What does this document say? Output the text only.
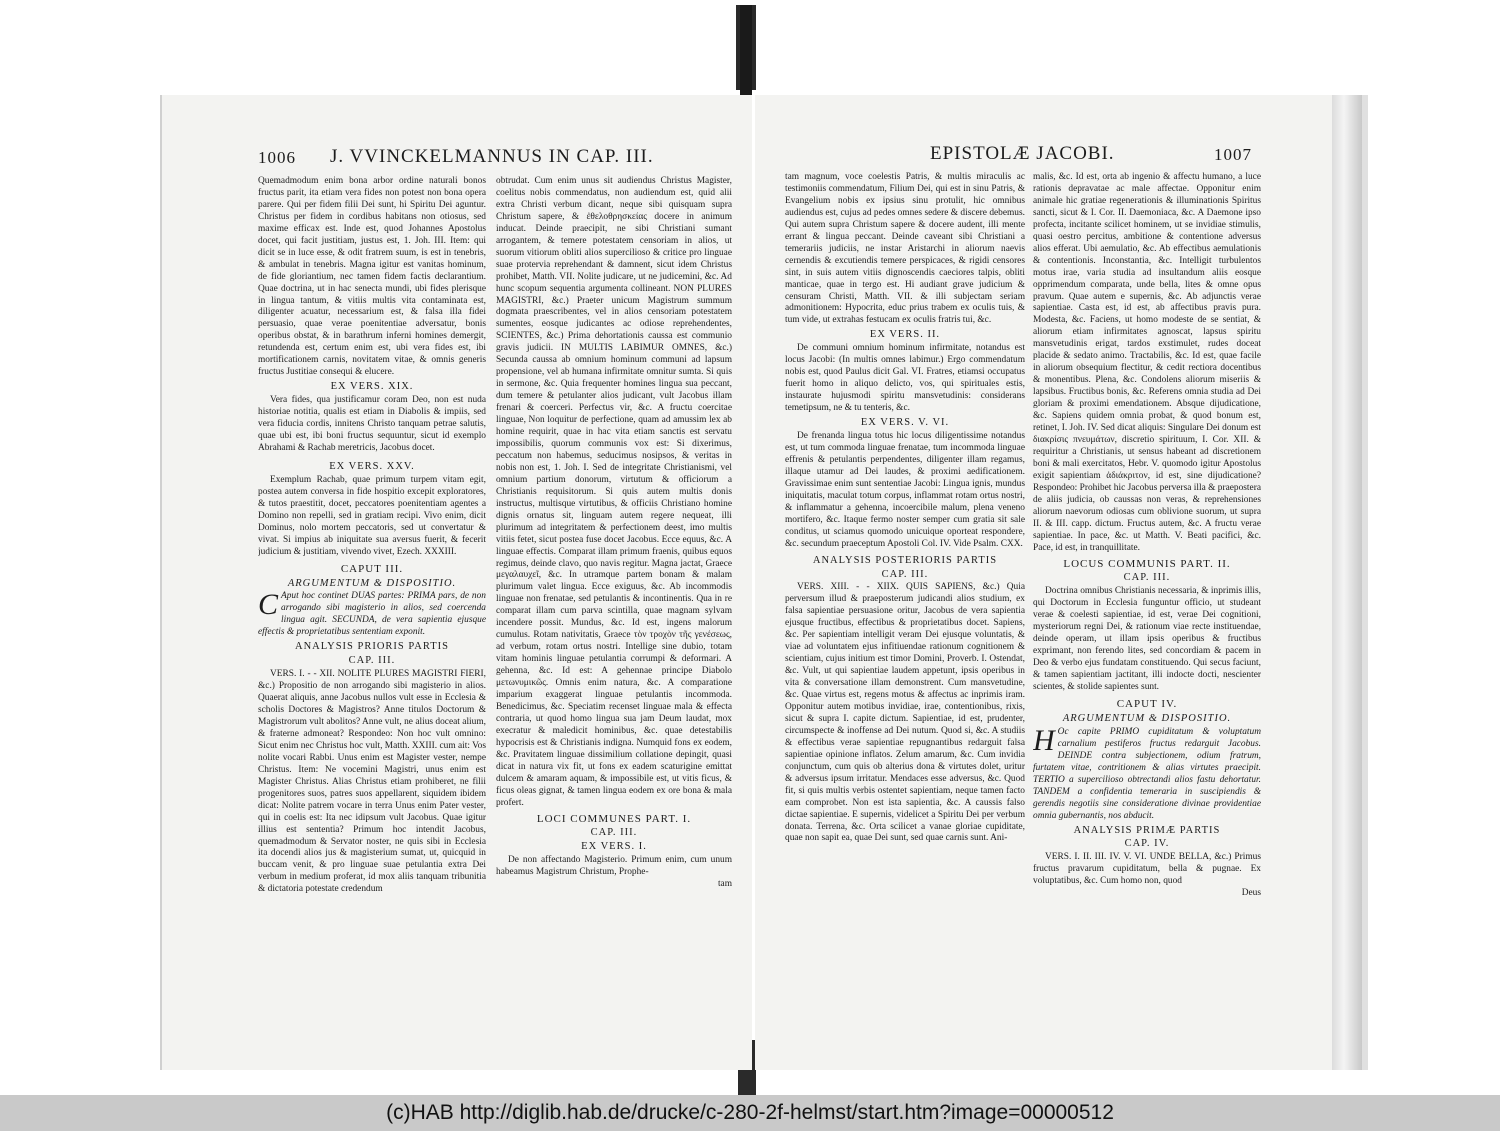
1006 J. VVINCKELMANNUS IN CAP. III.

Quemadmodum enim bona arbor ordine naturali bonos fructus parit, ita etiam vera fides non potest non bona opera parere. Qui per fidem filii Dei sunt, hi Spiritu Dei aguntur. Christus per fidem in cordibus habitans non otiosus, sed maxime efficax est. Inde est, quod Johannes Apostolus docet, qui facit justitiam, justus est, 1. Joh. III. Item: qui dicit se in luce esse, & odit fratrem suum, is est in tenebris, & ambulat in tenebris. Magna igitur est vanitas hominum, de fide gloriantium, nec tamen fidem factis declarantium. Quae doctrina, ut in hac senecta mundi, ubi fides plerisque in lingua tantum, & vitiis multis vita contaminata est, diligenter acuatur, necessarium est, & falsa illa fidei persuasio, quae verae poenitentiae adversatur, bonis operibus obstat, & in barathrum inferni homines demergit, retundenda est, certum enim est, ubi vera fides est, ibi mortificationem carnis, novitatem vitae, & omnis generis fructus Justitiae consequi & elucere.

EX VERS. XIX.

Vera fides, qua justificamur coram Deo, non est nuda historiae notitia, qualis est etiam in Diabolis & impiis, sed vera fiducia cordis, innitens Christo tanquam petrae salutis, quae ubi est, ibi boni fructus sequuntur, sicut id exemplo Abrahami & Rachab meretricis, Jacobus docet.

EX VERS. XXV.

Exemplum Rachab, quae primum turpem vitam egit, postea autem conversa in fide hospitio excepit exploratores, & tutos praestitit, docet, peccatores poenitentiam agentes a Domino non repelli, sed in gratiam recipi. Vivo enim, dicit Dominus, nolo mortem peccatoris, sed ut convertatur & vivat. Si impius ab iniquitate sua aversus fuerit, & fecerit judicium & justitiam, vivendo vivet, Ezech. XXXIII.

CAPUT III.
ARGUMENTUM & DISPOSITIO.

C Aput hoc continet DUAS partes: PRIMA pars, de non arrogando sibi magisterio in alios, sed coercenda lingua agit. SECUNDA, de vera sapientia ejusque effectis & proprietatibus sententiam exponit.

ANALYSIS PRIORIS PARTIS
CAP. III.

VERS. I. - - XII. NOLITE PLURES MAGISTRI FIERI, &c.) Propositio de non arrogando sibi magisterio in alios. Quaerat aliquis, anne Jacobus nullos vult esse in Ecclesia & scholis Doctores & Magistros? Anne titulos Doctorum & Magistrorum vult abolitos? Anne vult, ne alius doceat alium, & fraterne admoneat? Respondeo: Non hoc vult omnino: Sicut enim nec Christus hoc vult, Matth. XXIII. cum ait: Vos nolite vocari Rabbi. Unus enim est Magister vester, nempe Christus. Item: Ne vocemini Magistri, unus enim est Magister Christus. Alias Christus etiam prohiberet, ne filii progenitores suos, patres suos appellarent, siquidem ibidem dicat: Nolite patrem vocare in terra Unus enim Pater vester, qui in coelis est: Ita nec idipsum vult Jacobus. Quae igitur illius est sententia? Primum hoc intendit Jacobus, quemadmodum & Servator noster, ne quis sibi in Ecclesia ita docendi alios jus & magisterium sumat, ut, quicquid in buccam venit, & pro linguae suae petulantia extra Dei verbum in medium proferat, id mox aliis tanquam tribunitia & dictatoria potestate credendum

obtrudat. Cum enim unus sit audiendus Christus Magister, coelitus nobis commendatus, non audiendum est, quid alii extra Christi verbum dicant, neque sibi quisquam supra Christum sapere, & ἐθελοθρησκείας docere in animum inducat. Deinde praecipit, ne sibi Christiani sumant arrogantem, & temere potestatem censoriam in alios, ut suorum vitiorum obliti alios supercilioso & critice pro linguae suae protervia reprehendant & damnent, sicut idem Christus prohibet, Matth. VII. Nolite judicare, ut ne judicemini, &c. Ad hunc scopum sequentia argumenta collineant. NON PLURES MAGISTRI, &c.) Praeter unicum Magistrum summum dogmata praescribentes, vel in alios censoriam potestatem sumentes, eosque judicantes ac odiose reprehendentes, SCIENTES, &c.) Prima dehortationis caussa est communio gravis judicii. IN MULTIS LABIMUR OMNES, &c.) Secunda caussa ab omnium hominum communi ad lapsum propensione, vel ab humana infirmitate omnitur sumta. Si quis in sermone, &c. Quia frequenter homines lingua sua peccant, dum temere & petulanter alios judicant, vult Jacobus illam frenari & coerceri. Perfectus vir, &c. A fructu coercitae linguae, Non loquitur de perfectione, quam ad amussim lex ab homine requirit, quae in hac vita etiam sanctis est servatu impossibilis, quorum communis vox est: Si dixerimus, peccatum non habemus, seducimus nosipsos, & veritas in nobis non est, 1. Joh. I. Sed de integritate Christianismi, vel omnium partium donorum, virtutum & officiorum a Christianis requisitorum. Si quis autem multis donis instructus, multisque virtutibus, & officiis Christiano homine dignis ornatus sit, linguam autem regere nequeat, illi plurimum ad integritatem & perfectionem deest, imo multis vitiis fetet, sicut postea fuse docet Jacobus. Ecce equus, &c. A linguae effectis. Comparat illam primum fraenis, quibus equos regimus, deinde clavo, quo navis regitur. Magna jactat, Graece μεγαλαυχεῖ, &c. In utramque partem bonam & malam plurimum valet lingua. Ecce exiguus, &c. Ab incommodis linguae non frenatae, sed petulantis & incontinentis. Qua in re comparat illam cum parva scintilla, quae magnam sylvam incendere possit. Mundus, &c. Id est, ingens malorum cumulus. Rotam nativitatis, Graece τὸν τροχὸν τῆς γενέσεως, ad verbum, rotam ortus nostri. Intellige sine dubio, totam vitam hominis linguae petulantia corrumpi & deformari. A gehenna, &c. Id est: A gehennae principe Diabolo μετωνυμικῶς. Omnis enim natura, &c. A comparatione imparium exaggerat linguae petulantis incommoda. Benedicimus, &c. Speciatim recenset linguae mala & effecta contraria, ut quod homo lingua sua jam Deum laudat, mox execratur & maledicit hominibus, &c. quae detestabilis hypocrisis est & Christianis indigna. Numquid fons ex eodem, &c. Pravitatem linguae dissimilium collatione depingit, quasi dicat in natura vix fit, ut fons ex eadem scaturigine emittat dulcem & amaram aquam, & impossibile est, ut vitis ficus, & ficus oleas gignat, & tamen lingua eodem ex ore bona & mala profert.

LOCI COMMUNES PART. I.
CAP. III.
EX VERS. I.

De non affectando Magisterio. Primum enim, cum unum habeamus Magistrum Christum, Prophe-

tam
EPISTOLÆ JACOBI.	1007

tam magnum, voce coelestis Patris, & multis miraculis ac testimoniis commendatum, Filium Dei, qui est in sinu Patris, & Evangelium nobis ex ipsius sinu protulit, hic omnibus audiendus est, cujus ad pedes omnes sedere & discere debemus. Qui autem supra Christum sapere & docere audent, illi mente errant & lingua peccant. Deinde caveant sibi Christiani a temerariis judiciis, ne instar Aristarchi in aliorum naevis cernendis & excutiendis temere perspicaces, & rigidi censores sint, in suis autem vitiis dignoscendis caeciores talpis, obliti manticae, quae in tergo est. Hi audiant grave judicium & censuram Christi, Matth. VII. & illi subjectam seriam admonitionem: Hypocrita, educ prius trabem ex oculis tuis, & tum vide, ut extrahas festucam ex oculis fratris tui, &c.

EX VERS. II.

De communi omnium hominum infirmitate, notandus est locus Jacobi: (In multis omnes labimur.) Ergo commendatum nobis est, quod Paulus dicit Gal. VI. Fratres, etiamsi occupatus fuerit homo in aliquo delicto, vos, qui spirituales estis, instaurate hujusmodi spiritu mansvetudinis: considerans temetipsum, ne & tu tenteris, &c.

EX VERS. V. VI.

De frenanda lingua totus hic locus diligentissime notandus est, ut tum commoda linguae frenatae, tum incommoda linguae effrenis & petulantis perpendentes, diligenter illam regamus, illaque utamur ad Dei laudes, & proximi aedificationem. Gravissimae enim sunt sententiae Jacobi: Lingua ignis, mundus iniquitatis, maculat totum corpus, inflammat rotam ortus nostri, & inflammatur a gehenna, incoercibile malum, plena veneno mortifero, &c. Itaque fermo noster semper cum gratia sit sale conditus, ut sciamus quomodo unicuique oporteat respondere, &c. secundum praeceptum Apostoli Col. IV. Vide Psalm. CXX.

ANALYSIS POSTERIORIS PARTIS
CAP. III.

VERS. XIII. - - XIIX. QUIS SAPIENS, &c.) Quia perversum illud & praeposterum judicandi alios studium, ex falsa sapientiae persuasione oritur, Jacobus de vera sapientia ejusque fructibus, effectibus & proprietatibus docet. Sapiens, &c. Per sapientiam intelligit veram Dei ejusque voluntatis, & viae ad voluntatem ejus infitiuendae rationum cognitionem & scientiam, cujus initium est timor Domini, Proverb. I. Ostendat, &c. Vult, ut qui sapientiae laudem appetunt, ipsis operibus in vita & conversatione illam demonstrent. Cum mansvetudine, &c. Quae virtus est, regens motus & affectus ac inprimis iram. Opponitur autem motibus invidiae, irae, contentionibus, rixis, sicut & supra I. capite dictum. Sapientiae, id est, prudenter, circumspecte & inoffense ad Dei nutum. Quod si, &c. A studiis & effectibus verae sapientiae repugnantibus redarguit falsa sapientiae opinione inflatos. Zelum amarum, &c. Cum invidia conjunctum, cum quis ob alterius dona & virtutes dolet, uritur & adversus ipsum irritatur. Mendaces esse adversus, &c. Quod fit, si quis multis verbis ostentet sapientiam, neque tamen facto eam comprobet. Non est ista sapientia, &c. A caussis falso dictae sapientiae. E supernis, videlicet a Spiritu Dei per verbum donata. Terrena, &c. Orta scilicet a vanae gloriae cupiditate, quae non sapit ea, quae Dei sunt, sed quae carnis sunt. Ani-

malis, &c. Id est, orta ab ingenio & affectu humano, a luce rationis depravatae ac male affectae. Opponitur enim animale hic gratiae regenerationis & illuminationis Spiritus sancti, sicut & I. Cor. II. Daemoniaca, &c. A Daemone ipso profecta, incitante scilicet hominem, ut se invidiae stimulis, quasi oestro percitus, ambitione & contentione adversus alios efferat. Ubi aemulatio, &c. Ab effectibus aemulationis & contentionis. Inconstantia, &c. Intelligit turbulentos motus irae, varia studia ad insultandum aliis eosque opprimendum comparata, unde bella, lites & omne opus pravum. Quae autem e supernis, &c. Ab adjunctis verae sapientiae. Casta est, id est, ab affectibus pravis pura. Modesta, &c. Faciens, ut homo modeste de se sentiat, & aliorum etiam infirmitates agnoscat, lapsus spiritu mansvetudinis erigat, tardos exstimulet, rudes doceat placide & sedato animo. Tractabilis, &c. Id est, quae facile in aliorum obsequium flectitur, & cedit rectiora docentibus & monentibus. Plena, &c. Condolens aliorum miseriis & lapsibus. Fructibus bonis, &c. Referens omnia studia ad Dei gloriam & proximi emendationem. Absque dijudicatione, &c. Sapiens quidem omnia probat, & quod bonum est, retinet, I. Joh. IV. Sed dicat aliquis: Singulare Dei donum est διακρίσις πνευμάτων, discretio spirituum, I. Cor. XII. & requiritur a Christianis, ut sensus habeant ad discretionem boni & mali exercitatos, Hebr. V. quomodo igitur Apostolus exigit sapientiam ἀδιάκριτον, id est, sine dijudicatione? Respondeo: Prohibet hic Jacobus perversa illa & praepostera de aliis judicia, ob caussas non veras, & reprehensiones aliorum naevorum odiosas cum oblivione suorum, ut supra II. & III. capp. dictum. Fructus autem, &c. A fructu verae sapientiae. In pace, &c. ut Matth. V. Beati pacifici, &c. Pace, id est, in tranquillitate.

LOCUS COMMUNIS PART. II.
CAP. III.

Doctrina omnibus Christianis necessaria, & inprimis illis, qui Doctorum in Ecclesia funguntur officio, ut studeant verae & coelesti sapientiae, id est, verae Dei cognitioni, mysteriorum regni Dei, & rationum viae recte instituendae, deinde operam, ut illam ipsis operibus & fructibus exprimant, non ferendo lites, sed concordiam & pacem in Deo & verbo ejus fundatam constituendo. Qui secus faciunt, & tamen sapientiam jactitant, illi indocte docti, nescienter scientes, & stolide sapientes sunt.

CAPUT IV.
ARGUMENTUM & DISPOSITIO.

H Oc capite PRIMO cupiditatum & voluptatum carnalium pestiferos fructus redarguit Jacobus. DEINDE contra subjectionem, odium fratrum, furtatem vitae, contritionem & alias virtutes praecipit. TERTIO a supercilioso obtrectandi alios fastu dehortatur. TANDEM a confidentia temeraria in suscipiendis & gerendis negotiis sine consideratione divinae providentiae omnia gubernantis, nos abducit.

ANALYSIS PRIMÆ PARTIS
CAP. IV.

VERS. I. II. III. IV. V. VI. UNDE BELLA, &c.) Primus fructus pravarum cupiditatum, bella & pugnae. Ex voluptatibus, &c. Cum homo non, quod

Deus
(c)HAB http://diglib.hab.de/drucke/c-280-2f-helmst/start.htm?image=00000512
